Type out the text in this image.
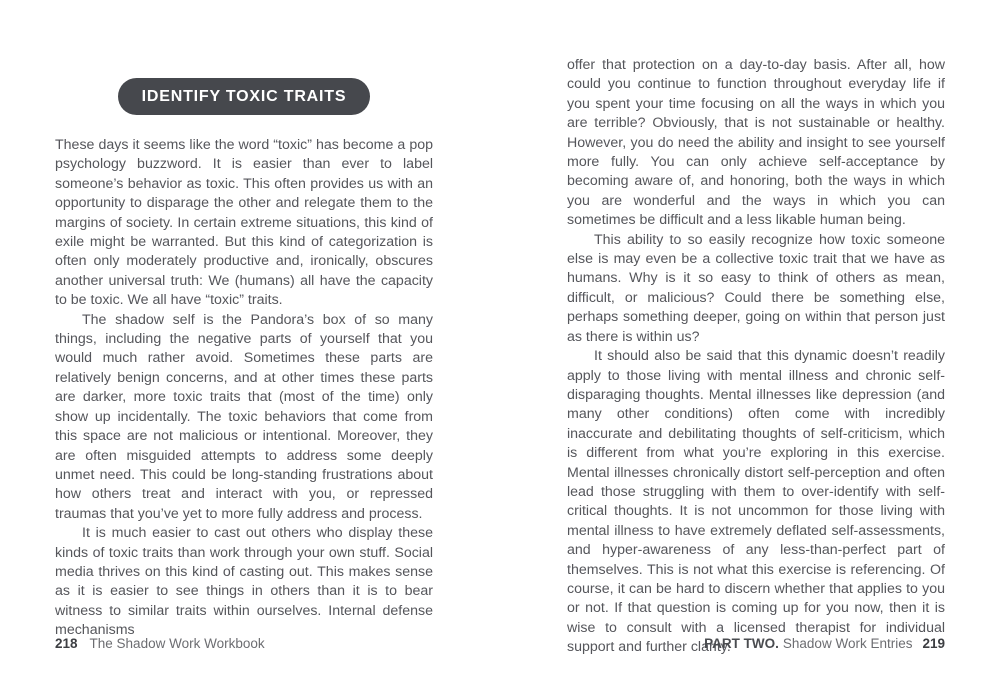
IDENTIFY TOXIC TRAITS

These days it seems like the word “toxic” has become a pop psychology buzzword. It is easier than ever to label someone’s behavior as toxic. This often provides us with an opportunity to disparage the other and relegate them to the margins of society. In certain extreme situations, this kind of exile might be warranted. But this kind of categorization is often only moderately productive and, ironically, obscures another universal truth: We (humans) all have the capacity to be toxic. We all have “toxic” traits.

The shadow self is the Pandora’s box of so many things, including the negative parts of yourself that you would much rather avoid. Sometimes these parts are relatively benign concerns, and at other times these parts are darker, more toxic traits that (most of the time) only show up incidentally. The toxic behaviors that come from this space are not malicious or intentional. Moreover, they are often misguided attempts to address some deeply unmet need. This could be long-standing frustrations about how others treat and interact with you, or repressed traumas that you’ve yet to more fully address and process.

It is much easier to cast out others who display these kinds of toxic traits than work through your own stuff. Social media thrives on this kind of casting out. This makes sense as it is easier to see things in others than it is to bear witness to similar traits within ourselves. Internal defense mechanisms

218 The Shadow Work Workbook

offer that protection on a day-to-day basis. After all, how could you continue to function throughout everyday life if you spent your time focusing on all the ways in which you are terrible? Obviously, that is not sustainable or healthy. However, you do need the ability and insight to see yourself more fully. You can only achieve self-acceptance by becoming aware of, and honoring, both the ways in which you are wonderful and the ways in which you can sometimes be difficult and a less likable human being.

This ability to so easily recognize how toxic someone else is may even be a collective toxic trait that we have as humans. Why is it so easy to think of others as mean, difficult, or malicious? Could there be something else, perhaps something deeper, going on within that person just as there is within us?

It should also be said that this dynamic doesn’t readily apply to those living with mental illness and chronic self-disparaging thoughts. Mental illnesses like depression (and many other conditions) often come with incredibly inaccurate and debilitating thoughts of self-criticism, which is different from what you’re exploring in this exercise. Mental illnesses chronically distort self-perception and often lead those struggling with them to over-identify with self-critical thoughts. It is not uncommon for those living with mental illness to have extremely deflated self-assessments, and hyper-awareness of any less-than-perfect part of themselves. This is not what this exercise is referencing. Of course, it can be hard to discern whether that applies to you or not. If that question is coming up for you now, then it is wise to consult with a licensed therapist for individual support and further clarity.

PART TWO. Shadow Work Entries 219
